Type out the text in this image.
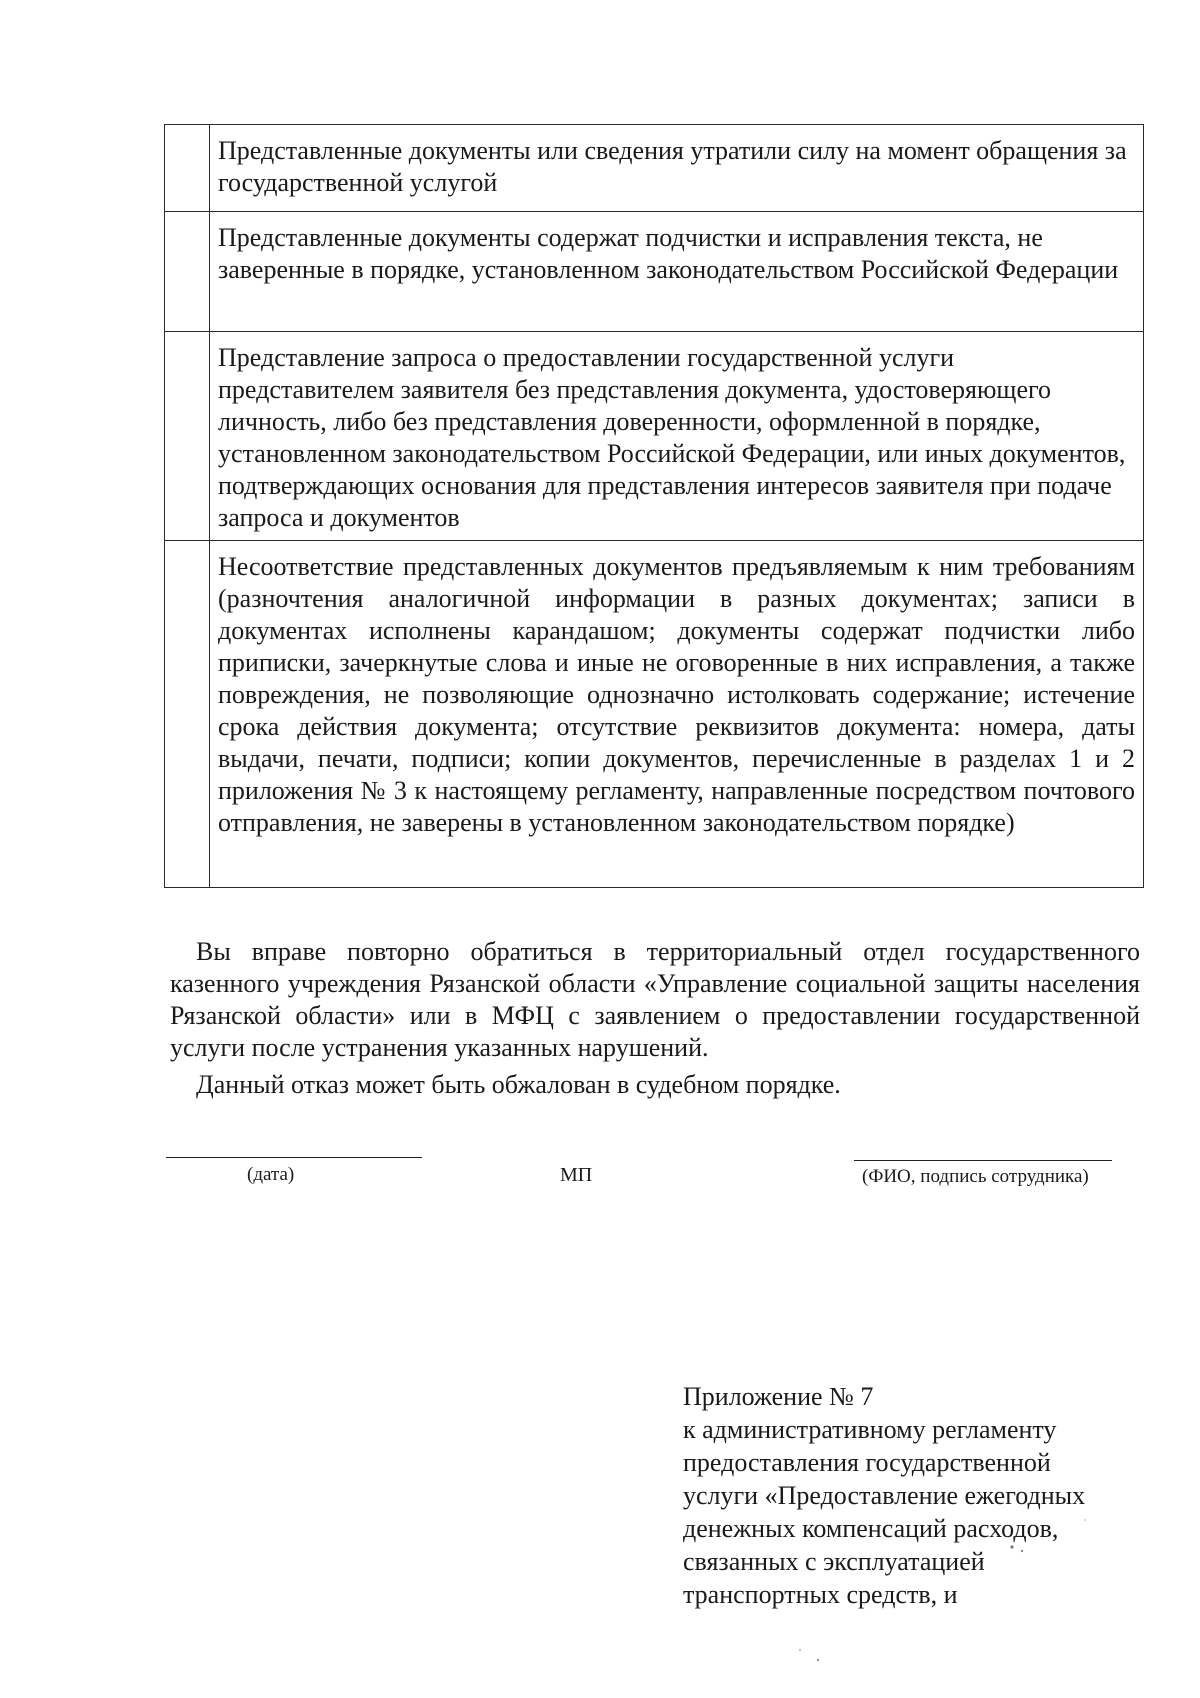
	Представленные документы или сведения утратили силу на момент обращения за государственной услугой
	Представленные документы содержат подчистки и исправления текста, не заверенные в порядке, установленном законодательством Российской Федерации
	Представление запроса о предоставлении государственной услуги представителем заявителя без представления документа, удостоверяющего личность, либо без представления доверенности, оформленной в порядке, установленном законодательством Российской Федерации, или иных документов, подтверждающих основания для представления интересов заявителя при подаче запроса и документов
	Несоответствие представленных документов предъявляемым к ним требованиям (разночтения аналогичной информации в разных документах; записи в документах исполнены карандашом; документы содержат подчистки либо приписки, зачеркнутые слова и иные не оговоренные в них исправления, а также повреждения, не позволяющие однозначно истолковать содержание; истечение срока действия документа; отсутствие реквизитов документа: номера, даты выдачи, печати, подписи; копии документов, перечисленные в разделах 1 и 2 приложения № 3 к настоящему регламенту, направленные посредством почтового
отправления, не заверены в установленном законодательством порядке)

Вы вправе повторно обратиться в территориальный отдел государственного казенного учреждения Рязанской области «Управление социальной защиты населения Рязанской области» или в МФЦ с заявлением о предоставлении государственной услуги после устранения указанных нарушений.

Данный отказ может быть обжалован в судебном порядке.

(дата)	МП	(ФИО, подпись сотрудника)
Приложение № 7
к административному регламенту
предоставления государственной
услуги «Предоставление ежегодных
денежных компенсаций расходов,
связанных с эксплуатацией
транспортных средств, и
